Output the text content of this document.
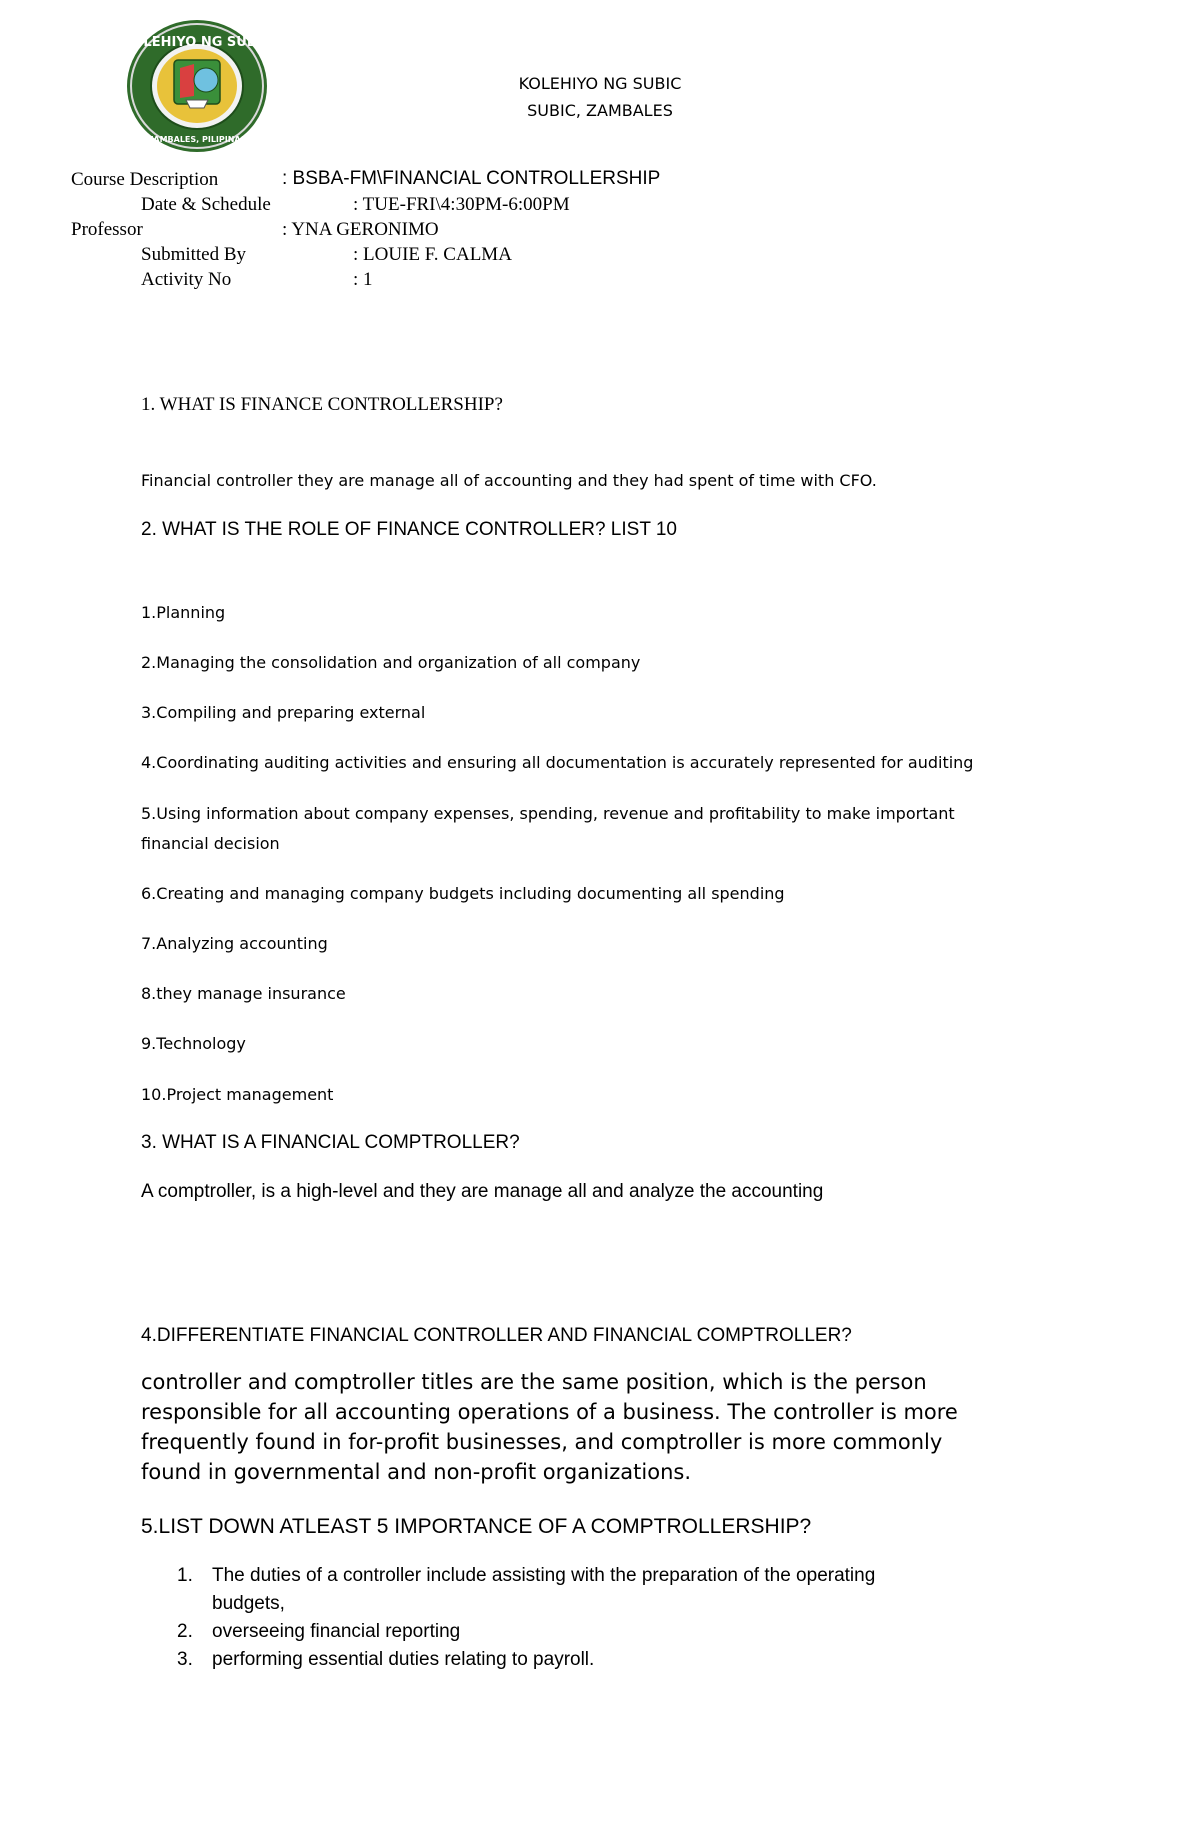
KOLEHIYO NG SUBIC
ZAMBALES, PILIPINAS
KOLEHIYO NG SUBIC
SUBIC, ZAMBALES
Course Description	: BSBA-FM\FINANCIAL CONTROLLERSHIP
Date & Schedule	: TUE-FRI\4:30PM-6:00PM
Professor	: YNA GERONIMO
Submitted By	: LOUIE F. CALMA
Activity No	: 1
1. WHAT IS FINANCE CONTROLLERSHIP?
Financial controller they are manage all of accounting and they had spent of time with CFO.
2. WHAT IS THE ROLE OF FINANCE CONTROLLER? LIST 10
1.Planning
2.Managing the consolidation and organization of all company
3.Compiling and preparing external
4.Coordinating auditing activities and ensuring all documentation is accurately represented for auditing
5.Using information about company expenses, spending, revenue and profitability to make important
financial decision
6.Creating and managing company budgets including documenting all spending
7.Analyzing accounting
8.they manage insurance
9.Technology
10.Project management
3. WHAT IS A FINANCIAL COMPTROLLER?
A comptroller, is a high-level and they are manage all and analyze the accounting
4.DIFFERENTIATE FINANCIAL CONTROLLER AND FINANCIAL COMPTROLLER?
controller and comptroller titles are the same position, which is the person
responsible for all accounting operations of a business. The controller is more
frequently found in for-profit businesses, and comptroller is more commonly
found in governmental and non-profit organizations.
5.LIST DOWN ATLEAST 5 IMPORTANCE OF A COMPTROLLERSHIP?
1. The duties of a controller include assisting with the preparation of the operating
budgets,
2. overseeing financial reporting
3. performing essential duties relating to payroll.
